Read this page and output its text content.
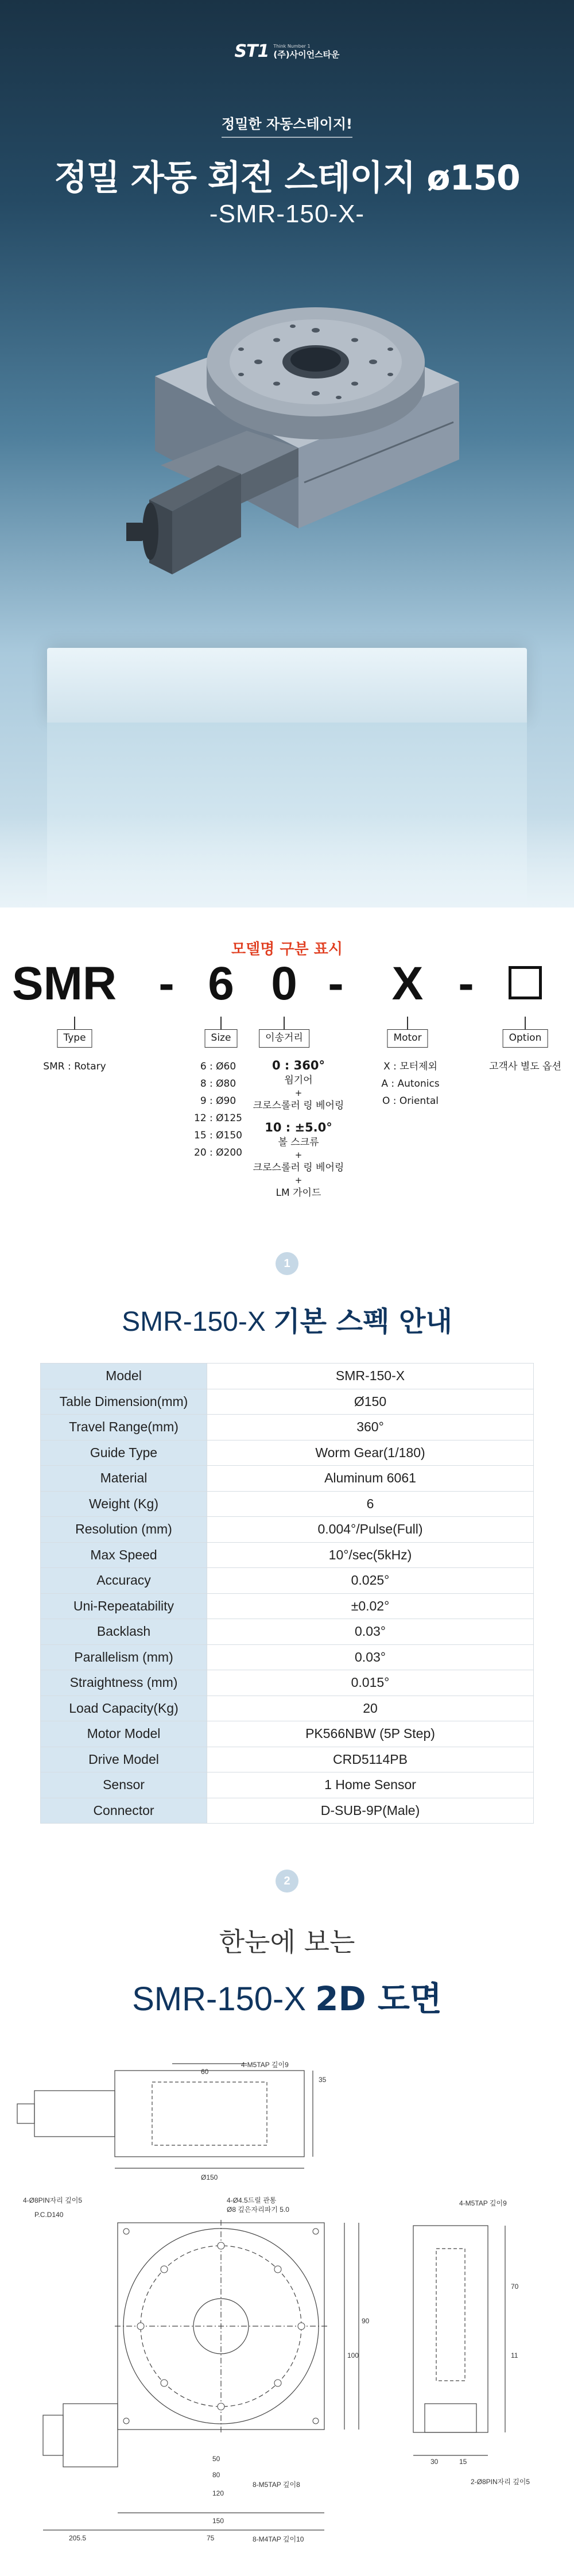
ST1 Think Number 1
(주)사이언스타운
정밀한 자동스테이지!
정밀 자동 회전 스테이지 ø150
-SMR-150-X-
모델명 구분 표시
SMR - 6 0 - X -
Type	Size	이송거리	Motor	Option
SMR : Rotary	6 : Ø60
8 : Ø80
9 : Ø90
12 : Ø125
15 : Ø150
20 : Ø200
0 : 360°
웜기어
+
크로스롤러 링 베어링
10 : ±5.0°
볼 스크류
+
크로스롤러 링 베어링
+
LM 가이드
X : 모터제외
A : Autonics
O : Oriental
고객사 별도 옵션
1
SMR-150-X 기본 스펙 안내
Model	SMR-150-X
Table Dimension(mm)	Ø150
Travel Range(mm)	360°
Guide Type	Worm Gear(1/180)
Material	Aluminum 6061
Weight (Kg)	6
Resolution (mm)	0.004°/Pulse(Full)
Max Speed	10°/sec(5kHz)
Accuracy	0.025°
Uni-Repeatability	±0.02°
Backlash	0.03°
Parallelism (mm)	0.03°
Straightness (mm)	0.015°
Load Capacity(Kg)	20
Motor Model	PK566NBW (5P Step)
Drive Model	CRD5114PB
Sensor	1 Home Sensor
Connector	D-SUB-9P(Male)
2
한눈에 보는
SMR-150-X 2D 도면
60
Ø150
4-M5TAP 깊이9
4-Ø8PIN자리 깊이5
P.C.D140
4-Ø4.5드릴 관통
Ø8 깊은자리파기 5.0
4-M5TAP 깊이9
8-M5TAP 깊이8
8-M4TAP 깊이10
2-Ø8PIN자리 깊이5
205.5	75
150
120
80
50	30	15
70
90
100
35
11
